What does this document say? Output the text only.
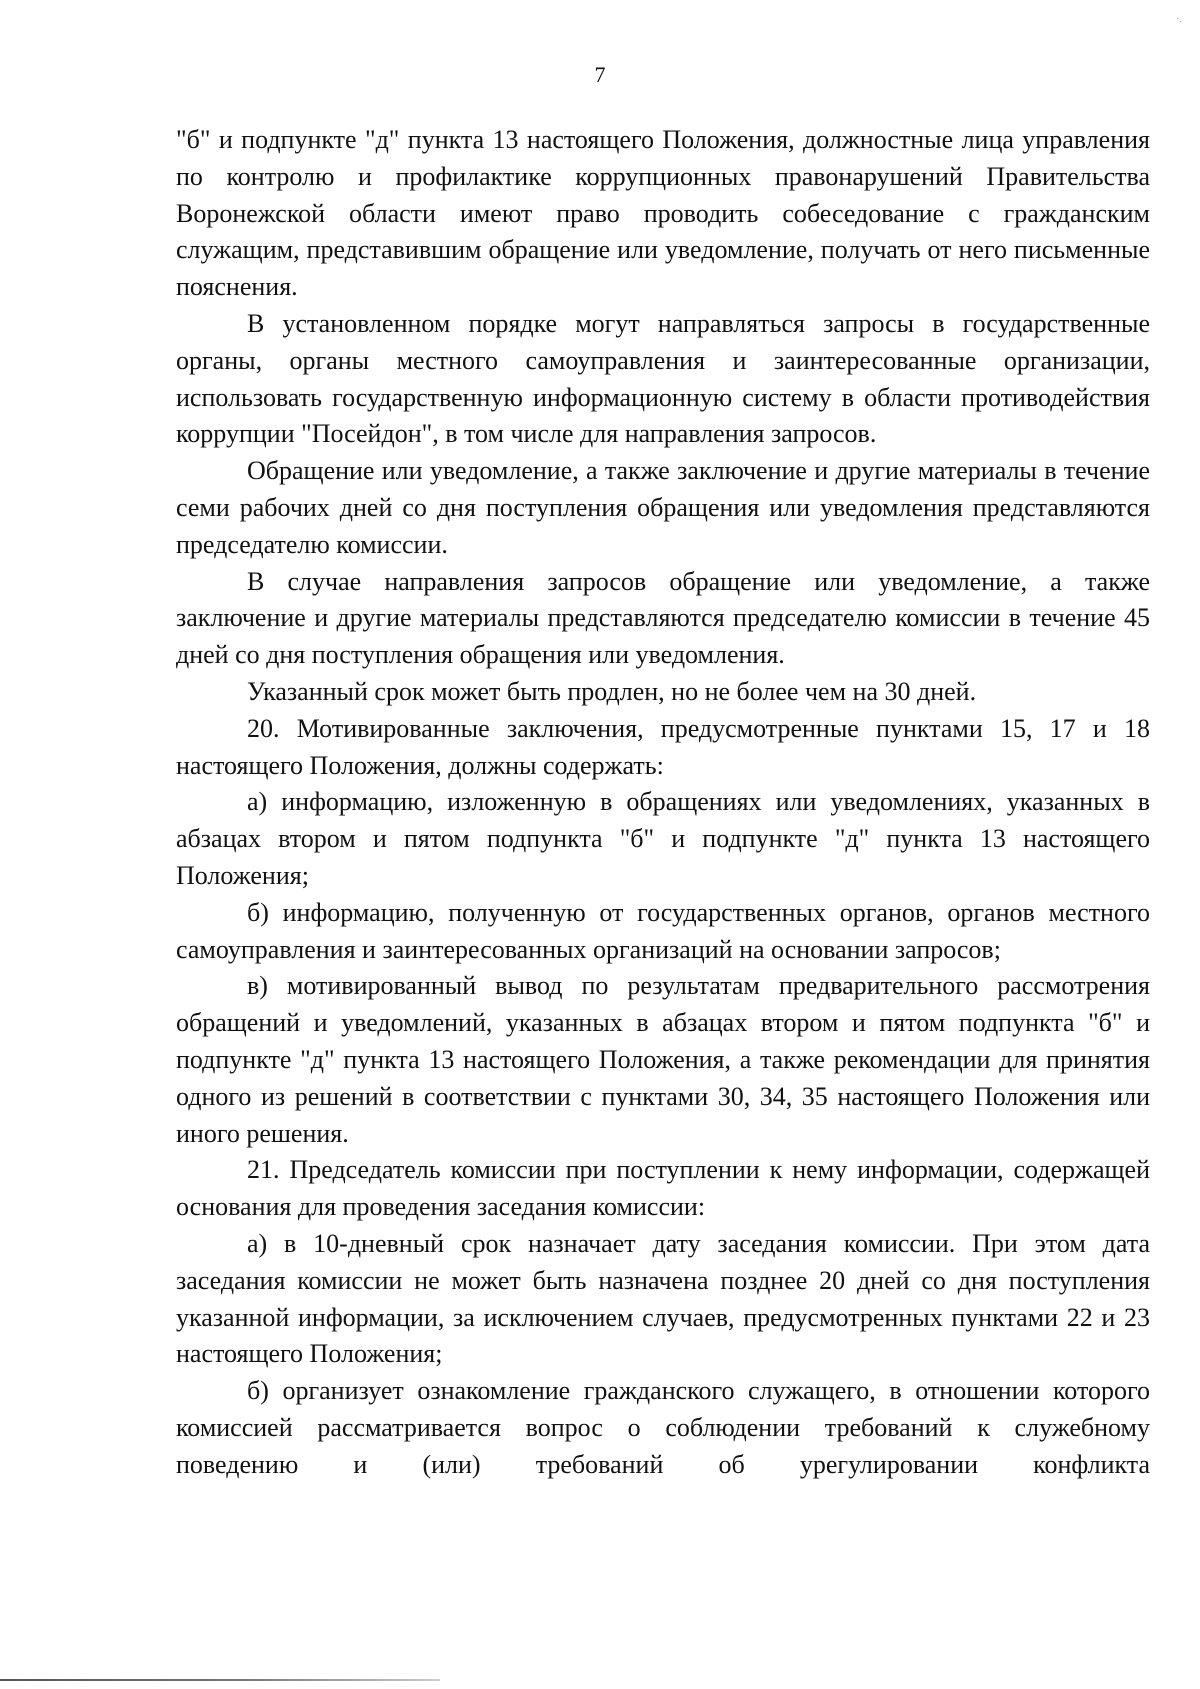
·.
7

"б" и подпункте "д" пункта 13 настоящего Положения, должностные лица управления по контролю и профилактике коррупционных правонарушений Правительства Воронежской области имеют право проводить собеседование с гражданским служащим, представившим обращение или уведомление, получать от него письменные пояснения.

В установленном порядке могут направляться запросы в государственные органы, органы местного самоуправления и заинтересованные организации, использовать государственную информационную систему в области противодействия коррупции "Посейдон", в том числе для направления запросов.

Обращение или уведомление, а также заключение и другие материалы в течение семи рабочих дней со дня поступления обращения или уведомления представляются председателю комиссии.

В случае направления запросов обращение или уведомление, а также заключение и другие материалы представляются председателю комиссии в течение 45 дней со дня поступления обращения или уведомления.

Указанный срок может быть продлен, но не более чем на 30 дней.

20. Мотивированные заключения, предусмотренные пунктами 15, 17 и 18 настоящего Положения, должны содержать:

а) информацию, изложенную в обращениях или уведомлениях, указанных в абзацах втором и пятом подпункта "б" и подпункте "д" пункта 13 настоящего Положения;

б) информацию, полученную от государственных органов, органов местного самоуправления и заинтересованных организаций на основании запросов;

в) мотивированный вывод по результатам предварительного рассмотрения обращений и уведомлений, указанных в абзацах втором и пятом подпункта "б" и подпункте "д" пункта 13 настоящего Положения, а также рекомендации для принятия одного из решений в соответствии с пунктами 30, 34, 35 настоящего Положения или иного решения.

21. Председатель комиссии при поступлении к нему информации, содержащей основания для проведения заседания комиссии:

а) в 10-дневный срок назначает дату заседания комиссии. При этом дата заседания комиссии не может быть назначена позднее 20 дней со дня поступления указанной информации, за исключением случаев, предусмотренных пунктами 22 и 23 настоящего Положения;

б) организует ознакомление гражданского служащего, в отношении которого комиссией рассматривается вопрос о соблюдении требований к служебному поведению и (или) требований об урегулировании конфликта
